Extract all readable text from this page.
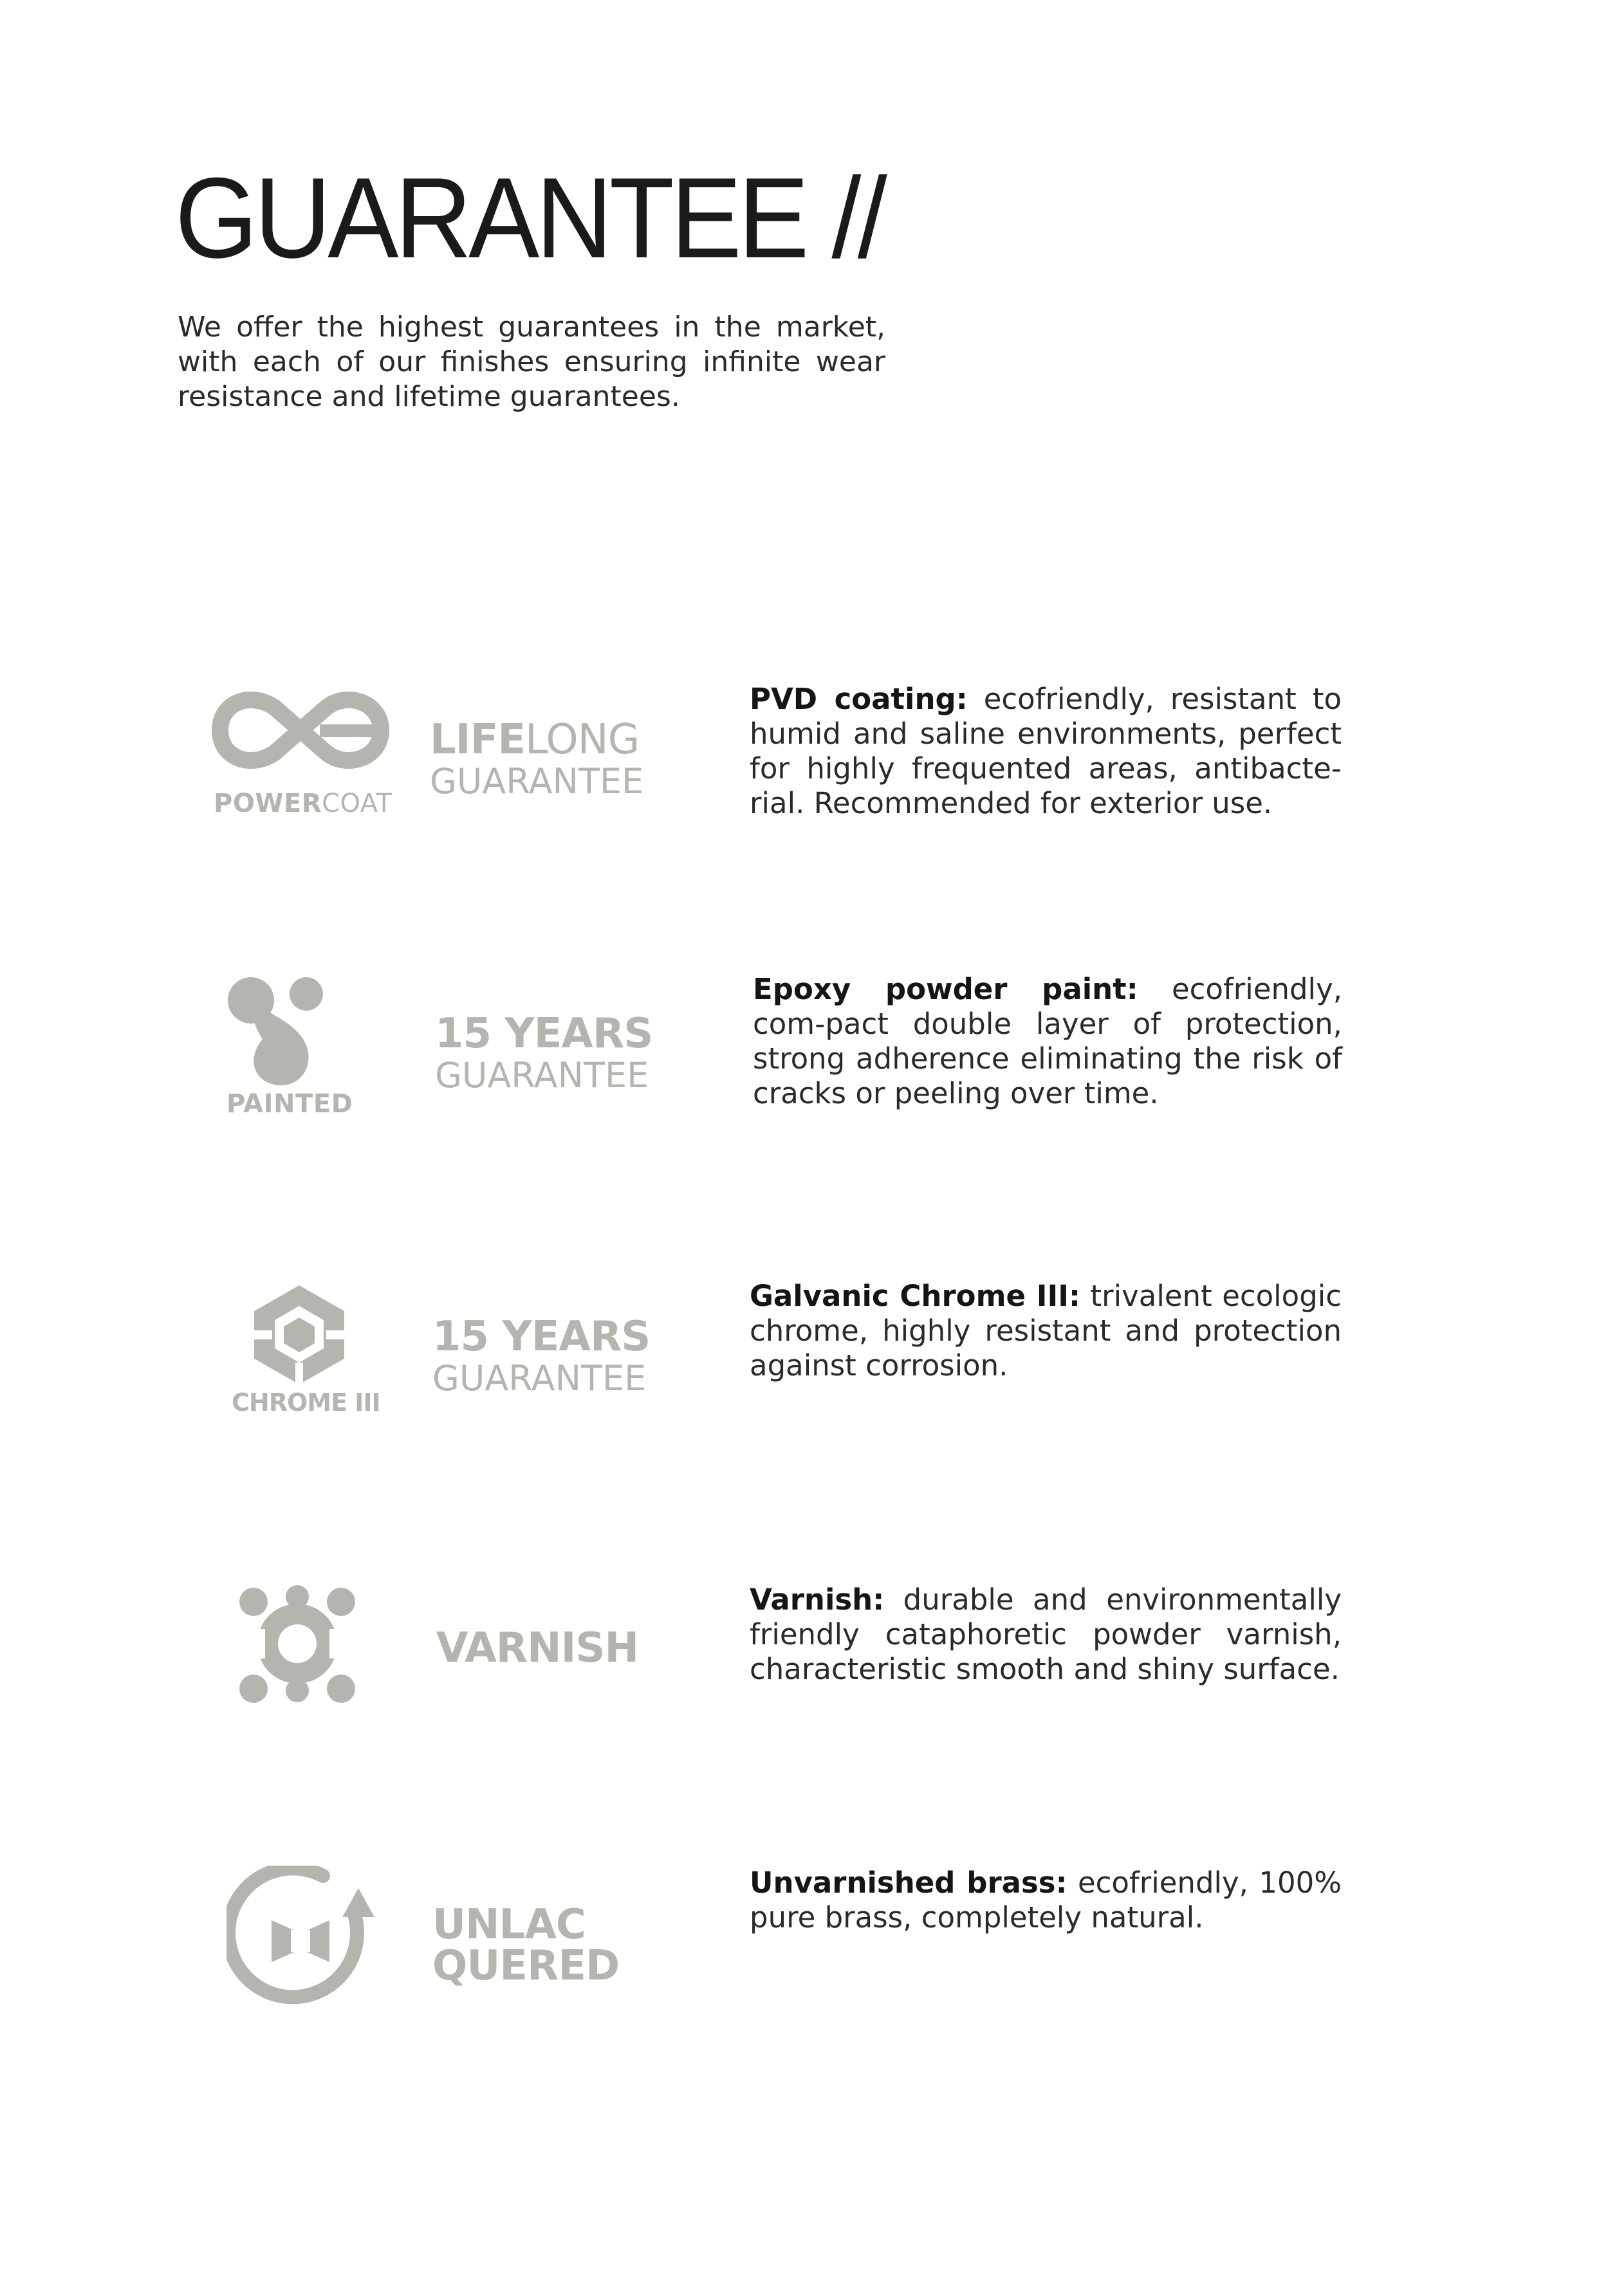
GUARANTEE //
We offer the highest guarantees in the market, with each of our finishes ensuring infinite wear resistance and lifetime guarantees.
POWERCOAT
LIFELONG
GUARANTEE
PVD coating: ecofriendly, resistant to humid and saline environments, perfect for highly frequented areas, antibacte-rial. Recommended for exterior use.
PAINTED
15 YEARS
GUARANTEE
Epoxy powder paint: ecofriendly, com-pact double layer of protection, strong adherence eliminating the risk of cracks or peeling over time.
CHROME III
15 YEARS
GUARANTEE
Galvanic Chrome III: trivalent ecologic chrome, highly resistant and protection against corrosion.
VARNISH
Varnish: durable and environmentally friendly cataphoretic powder varnish, characteristic smooth and shiny surface.
UNLAC
QUERED
Unvarnished brass: ecofriendly, 100% pure brass, completely natural.
